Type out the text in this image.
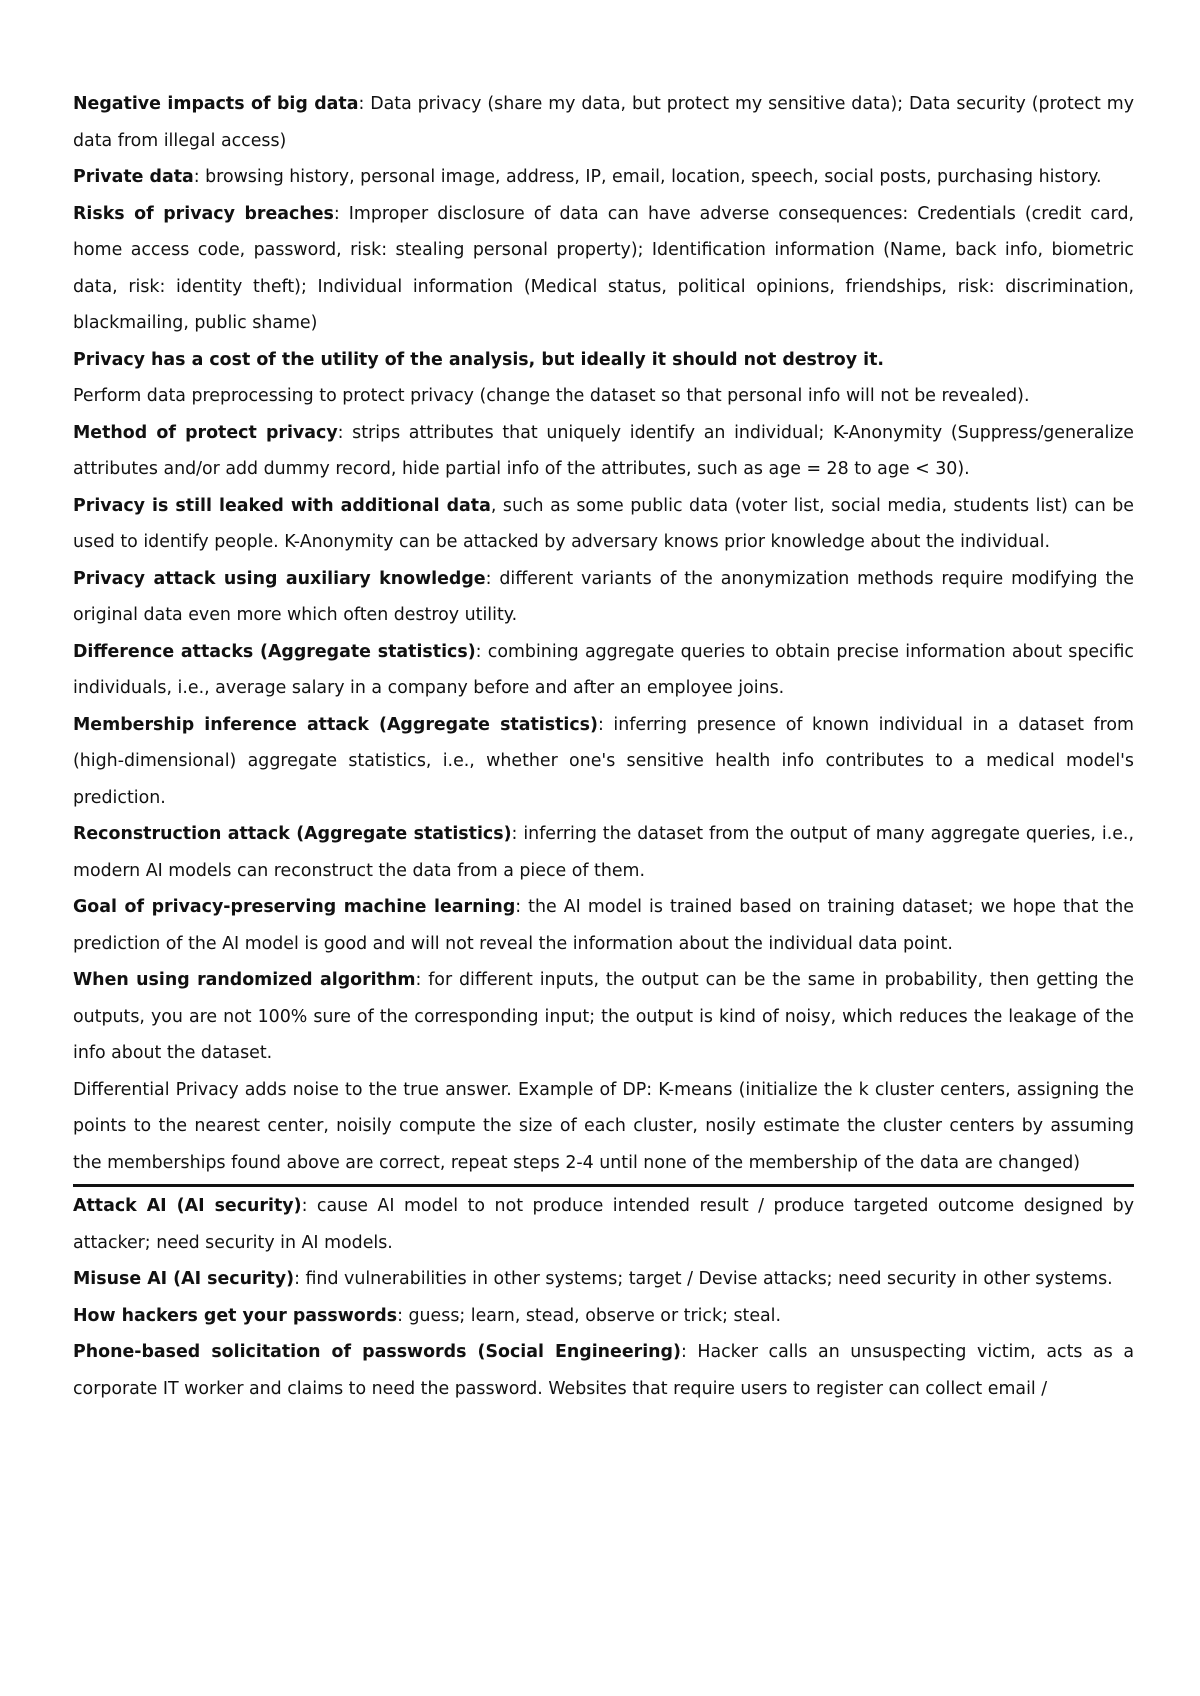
Negative impacts of big data: Data privacy (share my data, but protect my sensitive data); Data security (protect my data from illegal access)

Private data: browsing history, personal image, address, IP, email, location, speech, social posts, purchasing history.

Risks of privacy breaches: Improper disclosure of data can have adverse consequences: Credentials (credit card, home access code, password, risk: stealing personal property); Identification information (Name, back info, biometric data, risk: identity theft); Individual information (Medical status, political opinions, friendships, risk: discrimination, blackmailing, public shame)

Privacy has a cost of the utility of the analysis, but ideally it should not destroy it.

Perform data preprocessing to protect privacy (change the dataset so that personal info will not be revealed).

Method of protect privacy: strips attributes that uniquely identify an individual; K-Anonymity (Suppress/generalize attributes and/or add dummy record, hide partial info of the attributes, such as age = 28 to age < 30).

Privacy is still leaked with additional data, such as some public data (voter list, social media, students list) can be used to identify people. K-Anonymity can be attacked by adversary knows prior knowledge about the individual.

Privacy attack using auxiliary knowledge: different variants of the anonymization methods require modifying the original data even more which often destroy utility.

Difference attacks (Aggregate statistics): combining aggregate queries to obtain precise information about specific individuals, i.e., average salary in a company before and after an employee joins.

Membership inference attack (Aggregate statistics): inferring presence of known individual in a dataset from (high-dimensional) aggregate statistics, i.e., whether one's sensitive health info contributes to a medical model's prediction.

Reconstruction attack (Aggregate statistics): inferring the dataset from the output of many aggregate queries, i.e., modern AI models can reconstruct the data from a piece of them.

Goal of privacy-preserving machine learning: the AI model is trained based on training dataset; we hope that the prediction of the AI model is good and will not reveal the information about the individual data point.

When using randomized algorithm: for different inputs, the output can be the same in probability, then getting the outputs, you are not 100% sure of the corresponding input; the output is kind of noisy, which reduces the leakage of the info about the dataset.

Differential Privacy adds noise to the true answer. Example of DP: K-means (initialize the k cluster centers, assigning the points to the nearest center, noisily compute the size of each cluster, nosily estimate the cluster centers by assuming the memberships found above are correct, repeat steps 2-4 until none of the membership of the data are changed)

Attack AI (AI security): cause AI model to not produce intended result / produce targeted outcome designed by attacker; need security in AI models.

Misuse AI (AI security): find vulnerabilities in other systems; target / Devise attacks; need security in other systems.

How hackers get your passwords: guess; learn, stead, observe or trick; steal.

Phone-based solicitation of passwords (Social Engineering): Hacker calls an unsuspecting victim, acts as a corporate IT worker and claims to need the password. Websites that require users to register can collect email /
